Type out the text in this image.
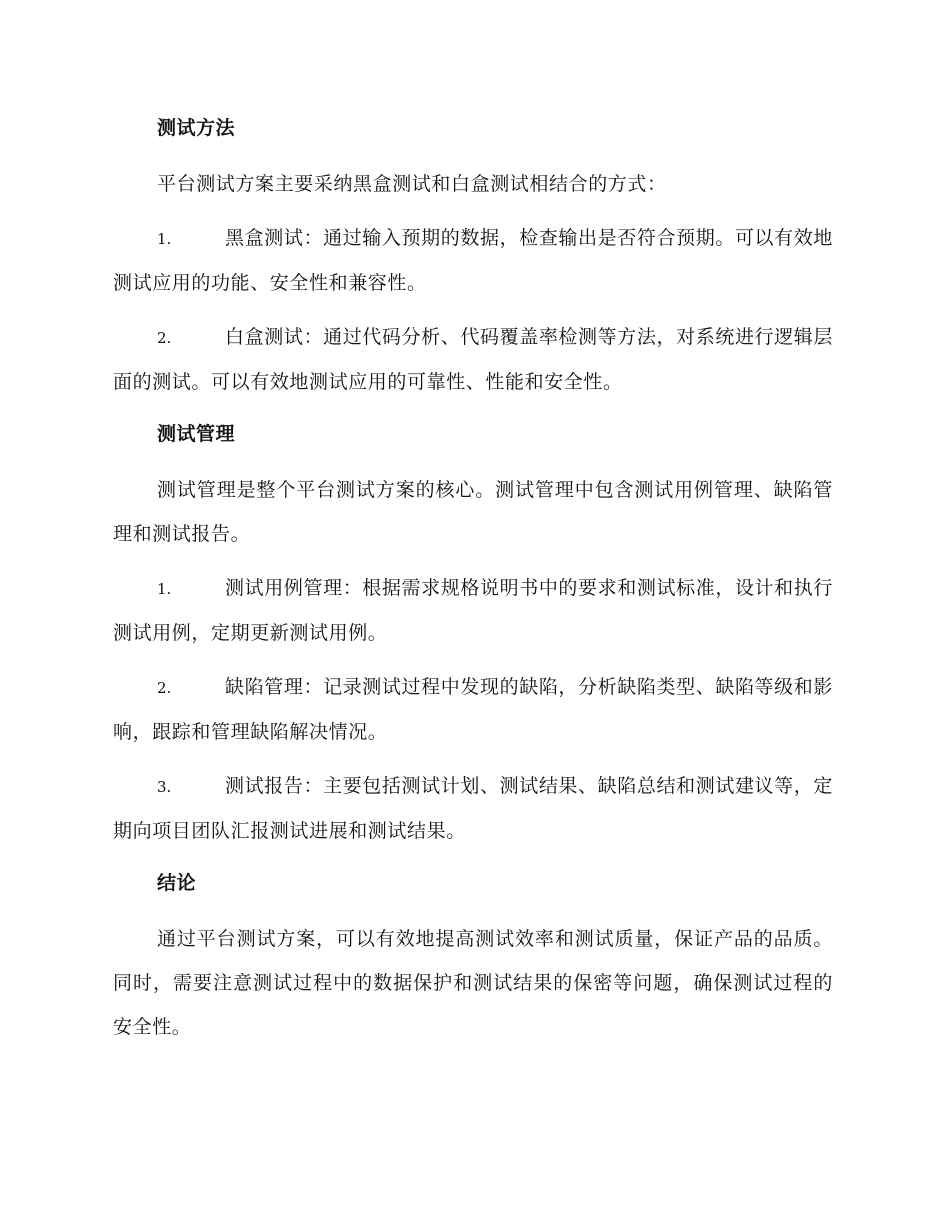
测试方法

平台测试方案主要采纳黑盒测试和白盒测试相结合的方式：

1.	黑盒测试：通过输入预期的数据，检查输出是否符合预期。可以有效地测试应用的功能、安全性和兼容性。

2.	白盒测试：通过代码分析、代码覆盖率检测等方法，对系统进行逻辑层面的测试。可以有效地测试应用的可靠性、性能和安全性。

测试管理

测试管理是整个平台测试方案的核心。测试管理中包含测试用例管理、缺陷管理和测试报告。

1.	测试用例管理：根据需求规格说明书中的要求和测试标准，设计和执行测试用例，定期更新测试用例。

2.	缺陷管理：记录测试过程中发现的缺陷，分析缺陷类型、缺陷等级和影响，跟踪和管理缺陷解决情况。

3.	测试报告：主要包括测试计划、测试结果、缺陷总结和测试建议等，定期向项目团队汇报测试进展和测试结果。

结论

通过平台测试方案，可以有效地提高测试效率和测试质量，保证产品的品质。同时，需要注意测试过程中的数据保护和测试结果的保密等问题，确保测试过程的安全性。
